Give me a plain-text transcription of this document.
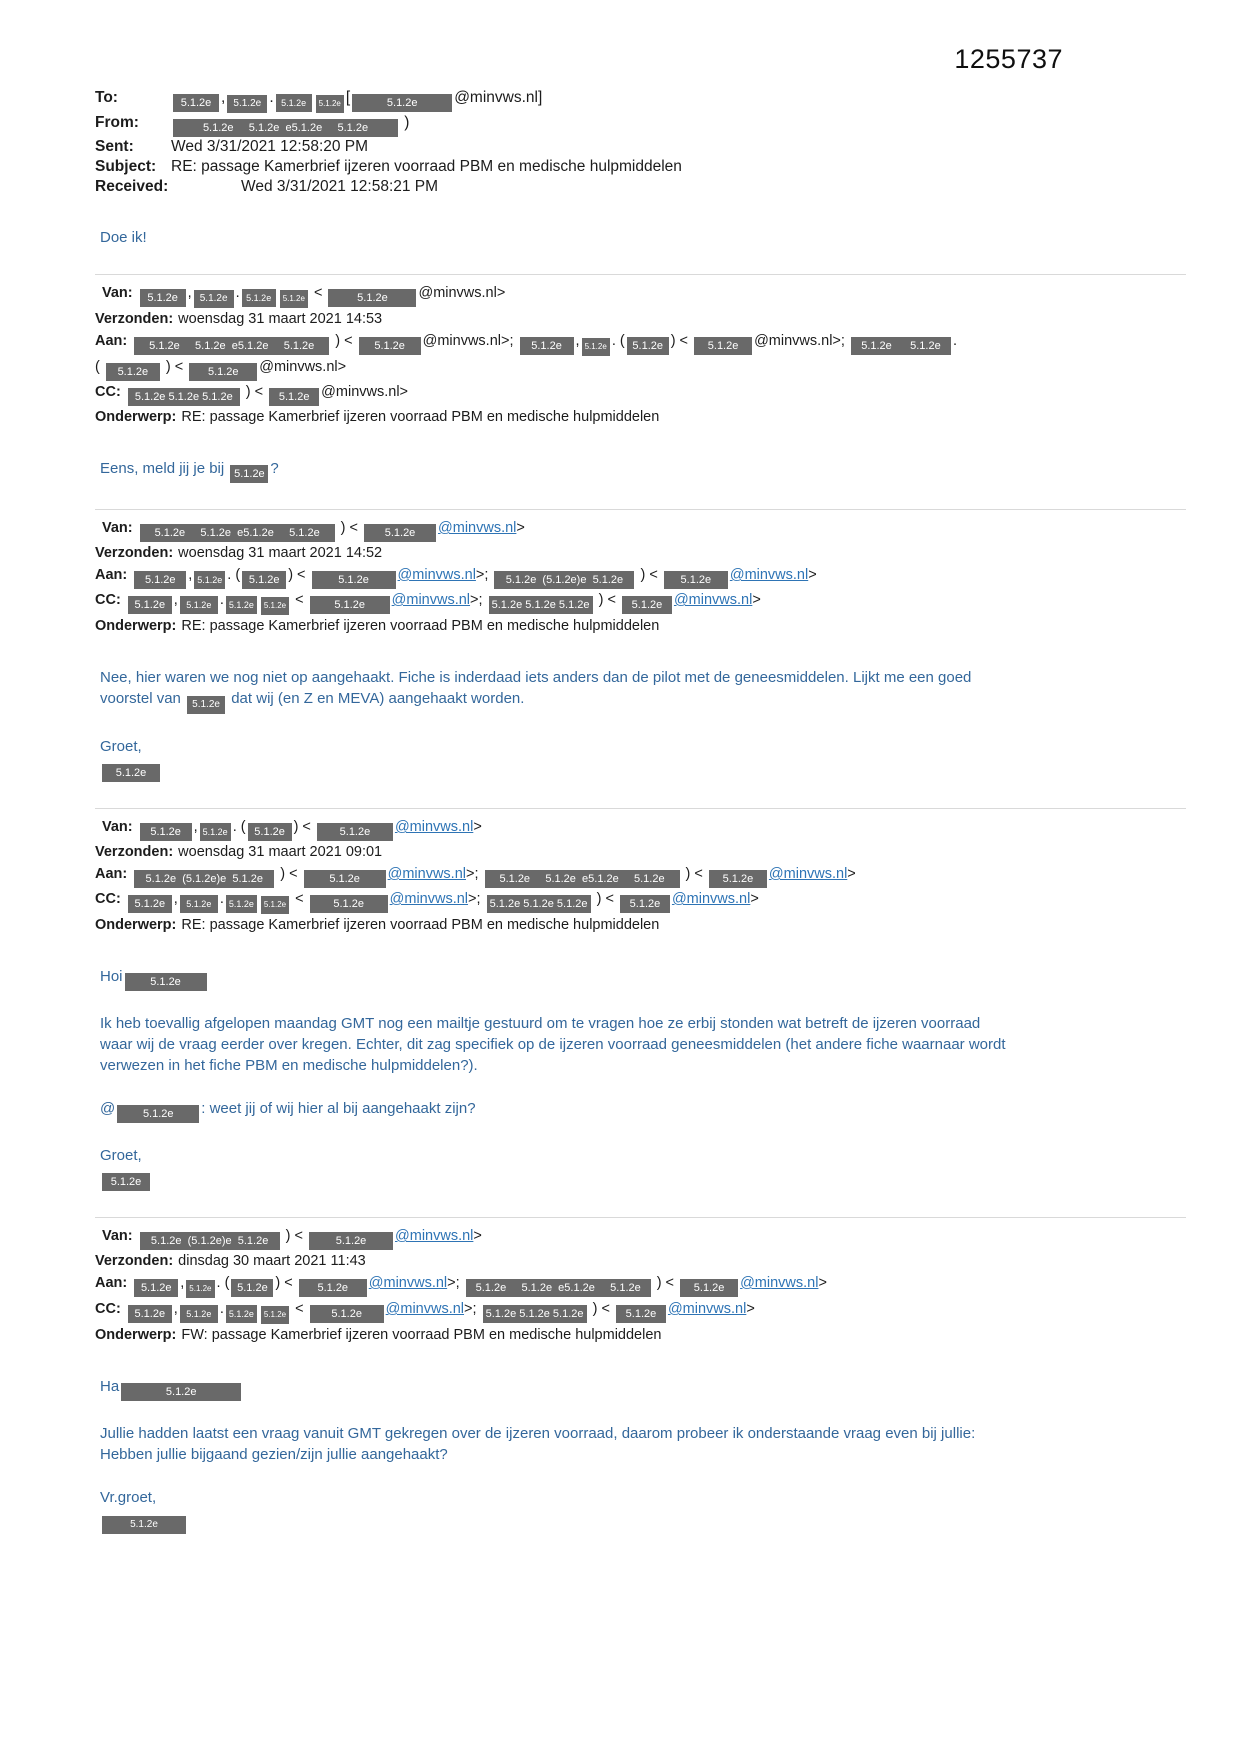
1255737
To:	5.1.2e , 5.1.2e . 5.1.2e 5.1.2e [	5.1.2e @minvws.nl]
From:	5.1.2e     5.1.2e  e5.1.2e     5.1.2e )
Sent: Wed 3/31/2021 12:58:20 PM
Subject: RE: passage Kamerbrief ijzeren voorraad PBM en medische hulpmiddelen
Received:	Wed 3/31/2021 12:58:21 PM
Doe ik!
Van: 5.1.2e , 5.1.2e . 5.1.2e 5.1.2e <	5.1.2e @minvws.nl>
Verzonden: woensdag 31 maart 2021 14:53
Aan: 5.1.2e     5.1.2e  e5.1.2e     5.1.2e ) < 5.1.2e @minvws.nl>; 5.1.2e , 5.1.2e . ( 5.1.2e ) < 5.1.2e @minvws.nl>; 5.1.2e      5.1.2e .
( 5.1.2e ) < 5.1.2e @minvws.nl>
CC: 5.1.2e 5.1.2e 5.1.2e ) < 5.1.2e @minvws.nl>
Onderwerp: RE: passage Kamerbrief ijzeren voorraad PBM en medische hulpmiddelen
Eens, meld jij je bij 5.1.2e ?
Van: 5.1.2e     5.1.2e  e5.1.2e     5.1.2e ) < 5.1.2e @minvws.nl>
Verzonden: woensdag 31 maart 2021 14:52
Aan: 5.1.2e , 5.1.2e . ( 5.1.2e ) <	5.1.2e @minvws.nl>; 5.1.2e  (5.1.2e)e  5.1.2e ) < 5.1.2e @minvws.nl>
CC: 5.1.2e , 5.1.2e . 5.1.2e 5.1.2e < 5.1.2e @minvws.nl>; 5.1.2e 5.1.2e 5.1.2e ) < 5.1.2e @minvws.nl>
Onderwerp: RE: passage Kamerbrief ijzeren voorraad PBM en medische hulpmiddelen
Nee, hier waren we nog niet op aangehaakt. Fiche is inderdaad iets anders dan de pilot met de geneesmiddelen. Lijkt me een goed voorstel van 5.1.2e dat wij (en Z en MEVA) aangehaakt worden.
Groet,
5.1.2e
Van: 5.1.2e , 5.1.2e . ( 5.1.2e ) < 5.1.2e @minvws.nl>
Verzonden: woensdag 31 maart 2021 09:01
Aan: 5.1.2e  (5.1.2e)e  5.1.2e ) <	5.1.2e @minvws.nl>; 5.1.2e     5.1.2e  e5.1.2e     5.1.2e ) < 5.1.2e @minvws.nl>
CC: 5.1.2e , 5.1.2e . 5.1.2e 5.1.2e < 5.1.2e @minvws.nl>; 5.1.2e 5.1.2e 5.1.2e ) < 5.1.2e @minvws.nl>
Onderwerp: RE: passage Kamerbrief ijzeren voorraad PBM en medische hulpmiddelen
Hoi	5.1.2e
Ik heb toevallig afgelopen maandag GMT nog een mailtje gestuurd om te vragen hoe ze erbij stonden wat betreft de ijzeren voorraad waar wij de vraag eerder over kregen. Echter, dit zag specifiek op de ijzeren voorraad geneesmiddelen (het andere fiche waarnaar wordt verwezen in het fiche PBM en medische hulpmiddelen?).
@	5.1.2e : weet jij of wij hier al bij aangehaakt zijn?
Groet,
5.1.2e
Van: 5.1.2e  (5.1.2e)e  5.1.2e ) <	5.1.2e @minvws.nl>
Verzonden: dinsdag 30 maart 2021 11:43
Aan: 5.1.2e , 5.1.2e . ( 5.1.2e ) < 5.1.2e @minvws.nl>; 5.1.2e     5.1.2e  e5.1.2e     5.1.2e ) < 5.1.2e @minvws.nl>
CC: 5.1.2e , 5.1.2e . 5.1.2e 5.1.2e < 5.1.2e @minvws.nl>; 5.1.2e 5.1.2e 5.1.2e ) < 5.1.2e @minvws.nl>
Onderwerp: FW: passage Kamerbrief ijzeren voorraad PBM en medische hulpmiddelen
Ha	5.1.2e
Jullie hadden laatst een vraag vanuit GMT gekregen over de ijzeren voorraad, daarom probeer ik onderstaande vraag even bij jullie:
Hebben jullie bijgaand gezien/zijn jullie aangehaakt?
Vr.groet,
5.1.2e
